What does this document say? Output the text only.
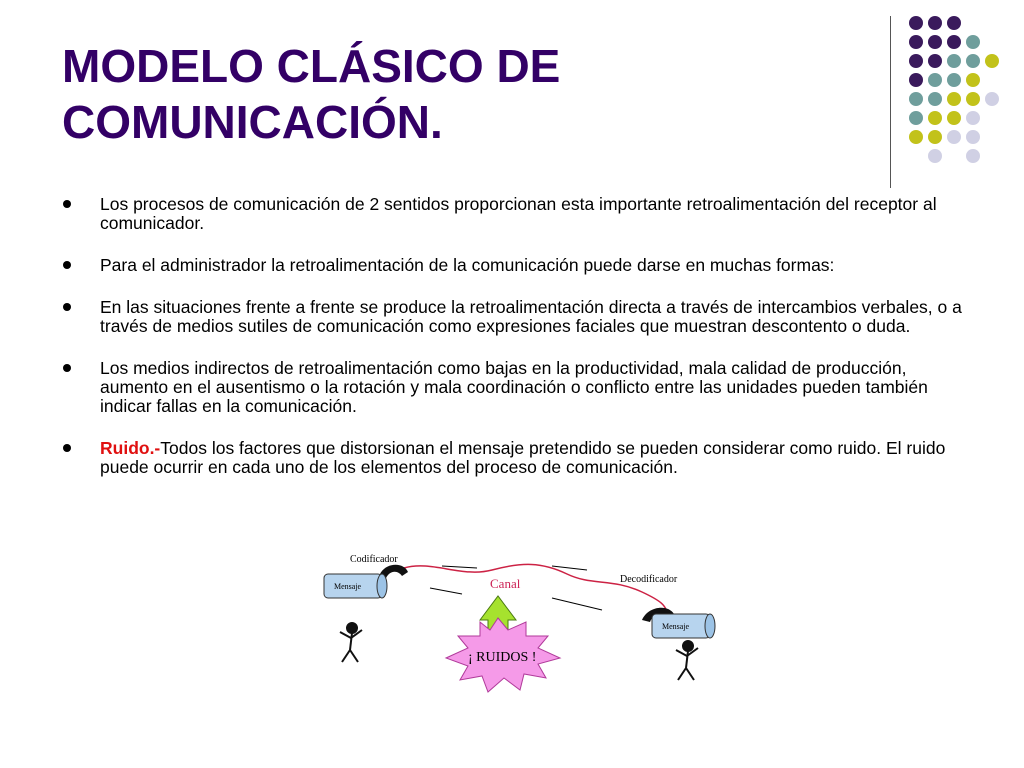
MODELO CLÁSICO DE
COMUNICACIÓN.
Los procesos de comunicación de 2 sentidos proporcionan esta importante retroalimentación del receptor al comunicador.
Para el administrador la retroalimentación de la comunicación puede darse en muchas formas:
En las situaciones frente a frente se produce la retroalimentación directa a través de intercambios verbales, o a través de medios sutiles de comunicación como expresiones faciales que muestran descontento o duda.
Los medios indirectos de retroalimentación como bajas en la productividad, mala calidad de producción, aumento en el ausentismo o la rotación y mala coordinación o conflicto entre las unidades pueden también indicar fallas en la comunicación.
Ruido.-Todos los factores que distorsionan el mensaje pretendido se pueden considerar como ruido. El ruido puede ocurrir en cada uno de los elementos del proceso de comunicación.
Codificador
Decodificador
Canal
Mensaje
Mensaje
¡ RUIDOS !
